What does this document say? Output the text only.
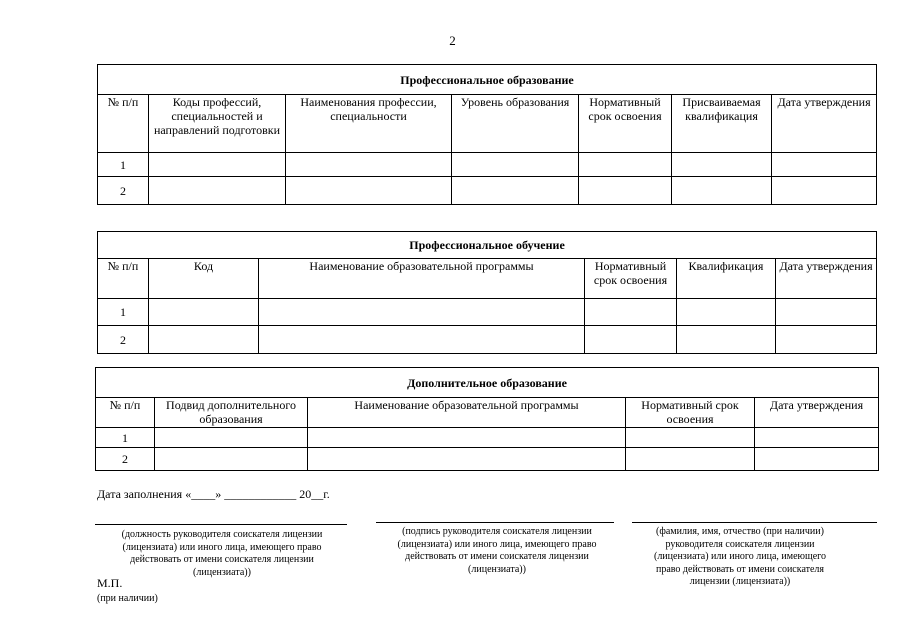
2
Профессиональное образование						
№ п/п	Коды профессий, специальностей и направлений подготовки	Наименования профессии, специальности	Уровень образования	Нормативный срок освоения	Присваиваемая квалификация	Дата утверждения
1						
2						
Профессиональное обучение					
№ п/п	Код	Наименование образовательной программы	Нормативный срок освоения	Квалификация	Дата утверждения
1					
2					
Дополнительное образование				
№ п/п	Подвид дополнительного образования	Наименование образовательной программы	Нормативный срок освоения	Дата утверждения
1				
2				
Дата заполнения «____» ____________ 20__г.
(должность руководителя соискателя лицензии (лицензиата) или иного лица, имеющего право действовать от имени соискателя лицензии (лицензиата))
(подпись руководителя соискателя лицензии (лицензиата) или иного лица, имеющего право действовать от имени соискателя лицензии (лицензиата))
(фамилия, имя, отчество (при наличии) руководителя соискателя лицензии (лицензиата) или иного лица, имеющего право действовать от имени соискателя лицензии (лицензиата))
М.П.
(при наличии)
